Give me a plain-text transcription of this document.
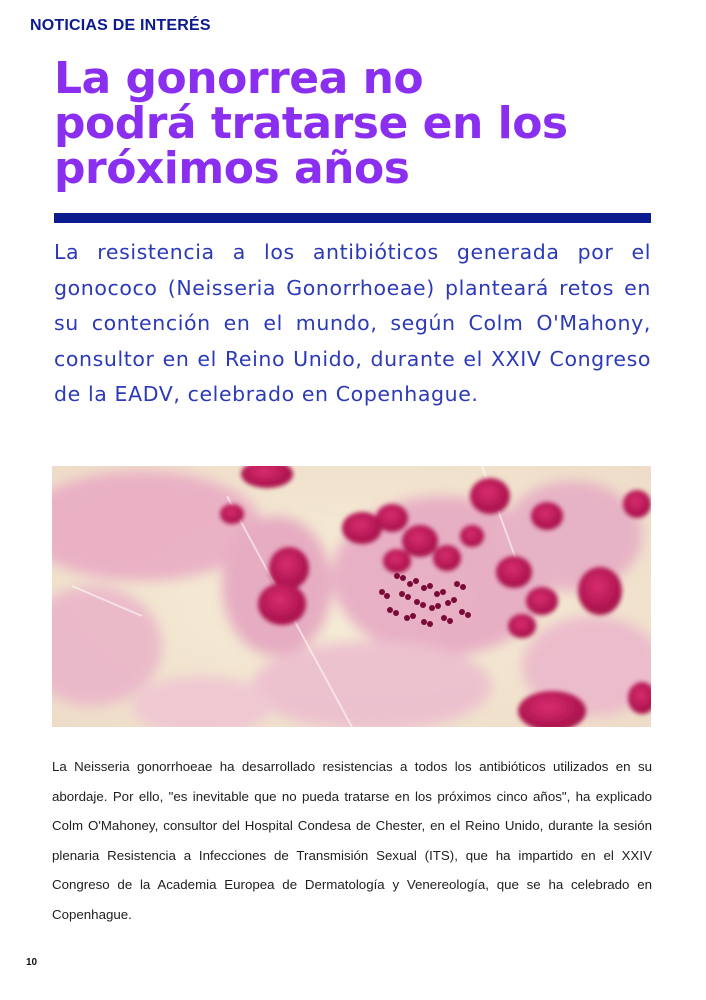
NOTICIAS DE INTERÉS
La gonorrea no
podrá tratarse en los
próximos años

La resistencia a los antibióticos generada por el gonococo (Neisseria Gonorrhoeae) planteará retos en su contención en el mundo, según Colm O'Mahony, consultor en el Reino Unido, durante el XXIV Congreso de la EADV, celebrado en Copenhague.

La Neisseria gonorrhoeae ha desarrollado resistencias a todos los antibióticos utilizados en su abordaje. Por ello, "es inevitable que no pueda tratarse en los próximos cinco años", ha explicado Colm O'Mahoney, consultor del Hospital Condesa de Chester, en el Reino Unido, durante la sesión plenaria Resistencia a Infecciones de Transmisión Sexual (ITS), que ha impartido en el XXIV Congreso de la Academia Europea de Dermatología y Venereología, que se ha celebrado en Copenhague.

10
